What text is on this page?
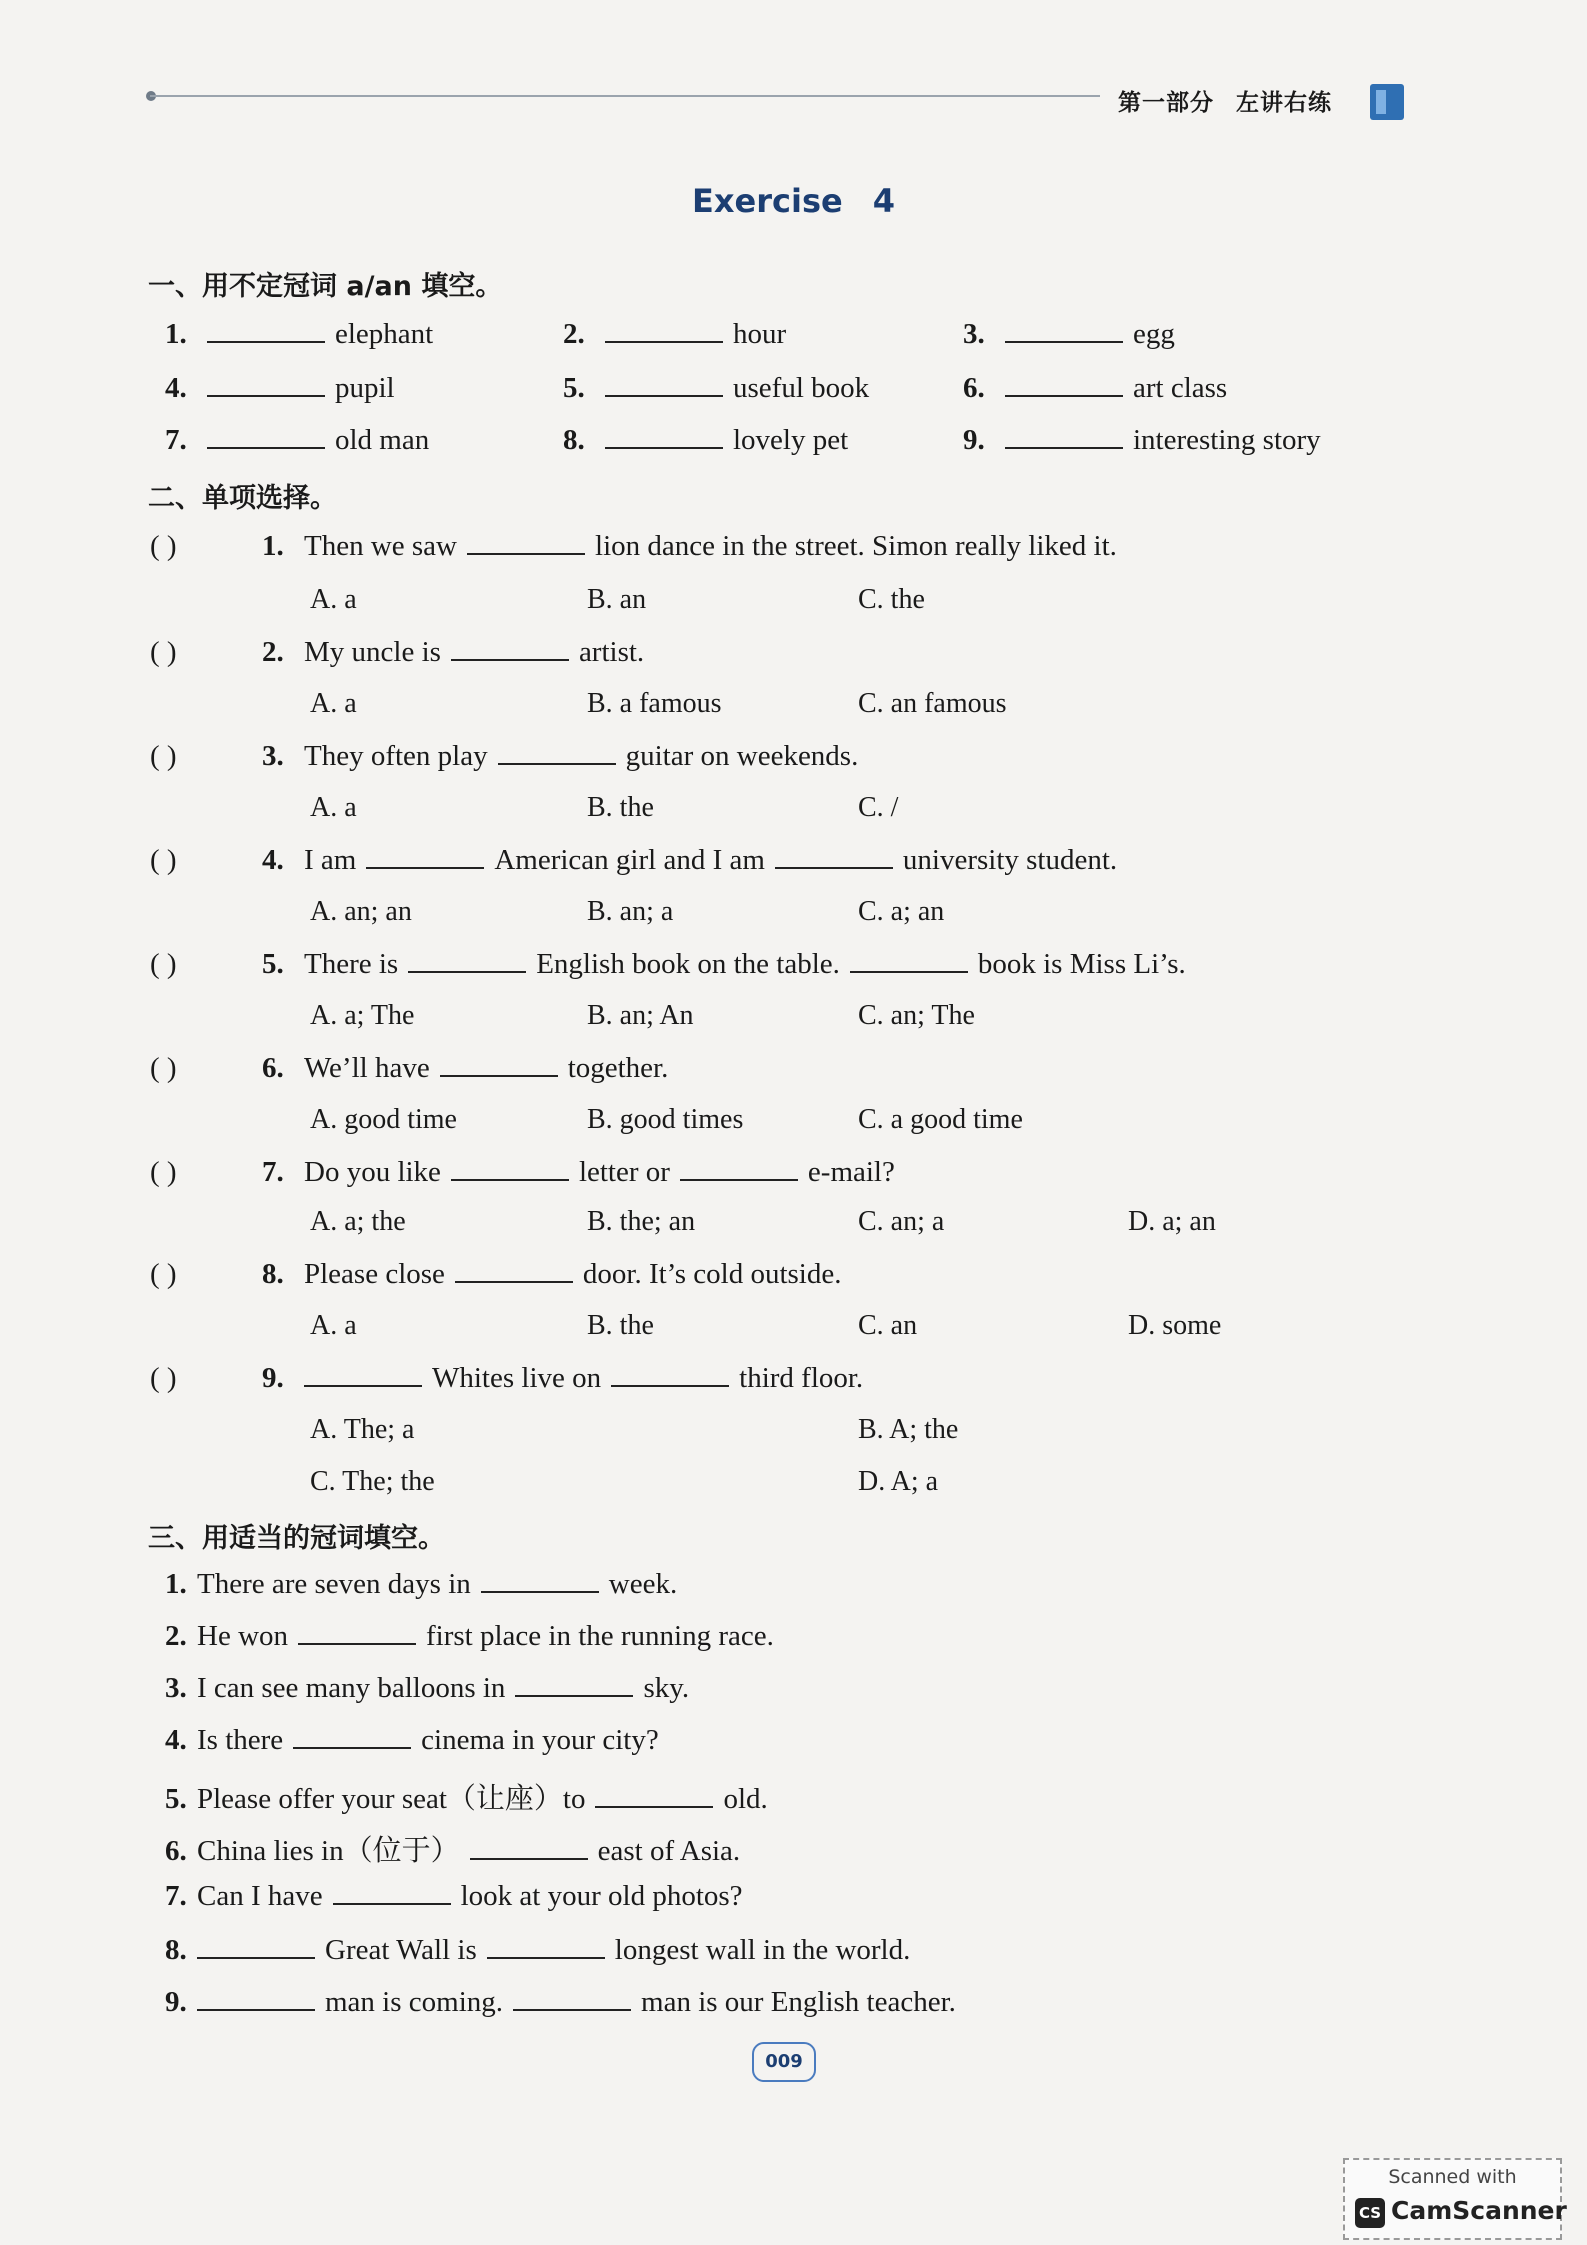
第一部分 左讲右练
Exercise 4
一、用不定冠词 a/an 填空。
1.	elephant	2.	hour	3.	egg
4.	pupil	5.	useful book	6.	art class
7.	old man	8.	lovely pet	9.	interesting story
二、单项选择。
( )	1. Then we saw	lion dance in the street. Simon really liked it.
A. a	B. an	C. the
( )	2. My uncle is	artist.
A. a	B. a famous	C. an famous
( )	3. They often play	guitar on weekends.
A. a	B. the	C. /
( )	4. I am	American girl and I am	university student.
A. an; an	B. an; a	C. a; an
( )	5. There is	English book on the table.	book is Miss Li’s.
A. a; The	B. an; An	C. an; The
( )	6. We’ll have	together.
A. good time	B. good times	C. a good time
( )	7. Do you like	letter or	e-mail?
A. a; the	B. the; an	C. an; a	D. a; an
( )	8. Please close	door. It’s cold outside.
A. a	B. the	C. an	D. some
( )	9.	Whites live on	third floor.
A. The; a	B. A; the
C. The; the	D. A; a
三、用适当的冠词填空。
1. There are seven days in	week.
2. He won	first place in the running race.
3. I can see many balloons in	sky.
4. Is there	cinema in your city?
5. Please offer your seat（让座）to	old.
6. China lies in（位于）	east of Asia.
7. Can I have	look at your old photos?
8.	Great Wall is	longest wall in the world.
9.	man is coming.	man is our English teacher.
009
Scanned with
CS CamScanner
